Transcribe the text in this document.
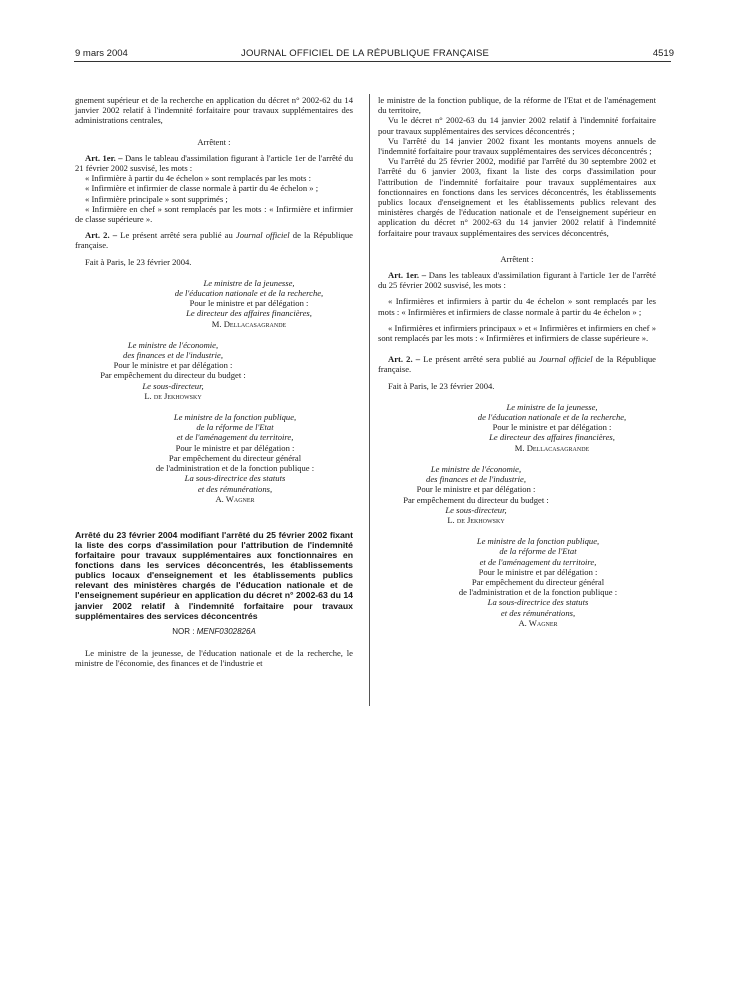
9 mars 2004	JOURNAL OFFICIEL DE LA RÉPUBLIQUE FRANÇAISE	4519

gnement supérieur et de la recherche en application du décret n° 2002-62 du 14 janvier 2002 relatif à l'indemnité forfaitaire pour travaux supplémentaires des administrations centrales,

Arrêtent :

Art. 1er. – Dans le tableau d'assimilation figurant à l'article 1er de l'arrêté du 21 février 2002 susvisé, les mots :

« Infirmière à partir du 4e échelon » sont remplacés par les mots :

« Infirmière et infirmier de classe normale à partir du 4e échelon » ;

« Infirmière principale » sont supprimés ;

« Infirmière en chef » sont remplacés par les mots : « Infirmière et infirmier de classe supérieure ».

Art. 2. – Le présent arrêté sera publié au Journal officiel de la République française.

Fait à Paris, le 23 février 2004.

Le ministre de la jeunesse,

de l'éducation nationale et de la recherche,

Pour le ministre et par délégation :

Le directeur des affaires financières,

M. Dellacasagrande

Le ministre de l'économie,

des finances et de l'industrie,

Pour le ministre et par délégation :

Par empêchement du directeur du budget :

Le sous-directeur,

L. de Jekhowsky

Le ministre de la fonction publique,

de la réforme de l'Etat

et de l'aménagement du territoire,

Pour le ministre et par délégation :

Par empêchement du directeur général

de l'administration et de la fonction publique :

La sous-directrice des statuts

et des rémunérations,

A. Wagner

Arrêté du 23 février 2004 modifiant l'arrêté du 25 février 2002 fixant la liste des corps d'assimilation pour l'attribution de l'indemnité forfaitaire pour travaux supplémentaires aux fonctionnaires en fonctions dans les services déconcentrés, les établissements publics locaux d'enseignement et les établissements publics relevant des ministères chargés de l'éducation nationale et de l'enseignement supérieur en application du décret n° 2002-63 du 14 janvier 2002 relatif à l'indemnité forfaitaire pour travaux supplémentaires des services déconcentrés

NOR : MENF0302826A

Le ministre de la jeunesse, de l'éducation nationale et de la recherche, le ministre de l'économie, des finances et de l'industrie et

le ministre de la fonction publique, de la réforme de l'Etat et de l'aménagement du territoire,

Vu le décret n° 2002-63 du 14 janvier 2002 relatif à l'indemnité forfaitaire pour travaux supplémentaires des services déconcentrés ;

Vu l'arrêté du 14 janvier 2002 fixant les montants moyens annuels de l'indemnité forfaitaire pour travaux supplémentaires des services déconcentrés ;

Vu l'arrêté du 25 février 2002, modifié par l'arrêté du 30 septembre 2002 et l'arrêté du 6 janvier 2003, fixant la liste des corps d'assimilation pour l'attribution de l'indemnité forfaitaire pour travaux supplémentaires aux fonctionnaires en fonctions dans les services déconcentrés, les établissements publics locaux d'enseignement et les établissements publics relevant des ministères chargés de l'éducation nationale et de l'enseignement supérieur en application du décret n° 2002-63 du 14 janvier 2002 relatif à l'indemnité forfaitaire pour travaux supplémentaires des services déconcentrés,

Arrêtent :

Art. 1er. – Dans les tableaux d'assimilation figurant à l'article 1er de l'arrêté du 25 février 2002 susvisé, les mots :

« Infirmières et infirmiers à partir du 4e échelon » sont remplacés par les mots : « Infirmières et infirmiers de classe normale à partir du 4e échelon » ;

« Infirmières et infirmiers principaux » et « Infirmières et infirmiers en chef » sont remplacés par les mots : « Infirmières et infirmiers de classe supérieure ».

Art. 2. – Le présent arrêté sera publié au Journal officiel de la République française.

Fait à Paris, le 23 février 2004.

Le ministre de la jeunesse,

de l'éducation nationale et de la recherche,

Pour le ministre et par délégation :

Le directeur des affaires financières,

M. Dellacasagrande

Le ministre de l'économie,

des finances et de l'industrie,

Pour le ministre et par délégation :

Par empêchement du directeur du budget :

Le sous-directeur,

L. de Jekhowsky

Le ministre de la fonction publique,

de la réforme de l'Etat

et de l'aménagement du territoire,

Pour le ministre et par délégation :

Par empêchement du directeur général

de l'administration et de la fonction publique :

La sous-directrice des statuts

et des rémunérations,

A. Wagner
